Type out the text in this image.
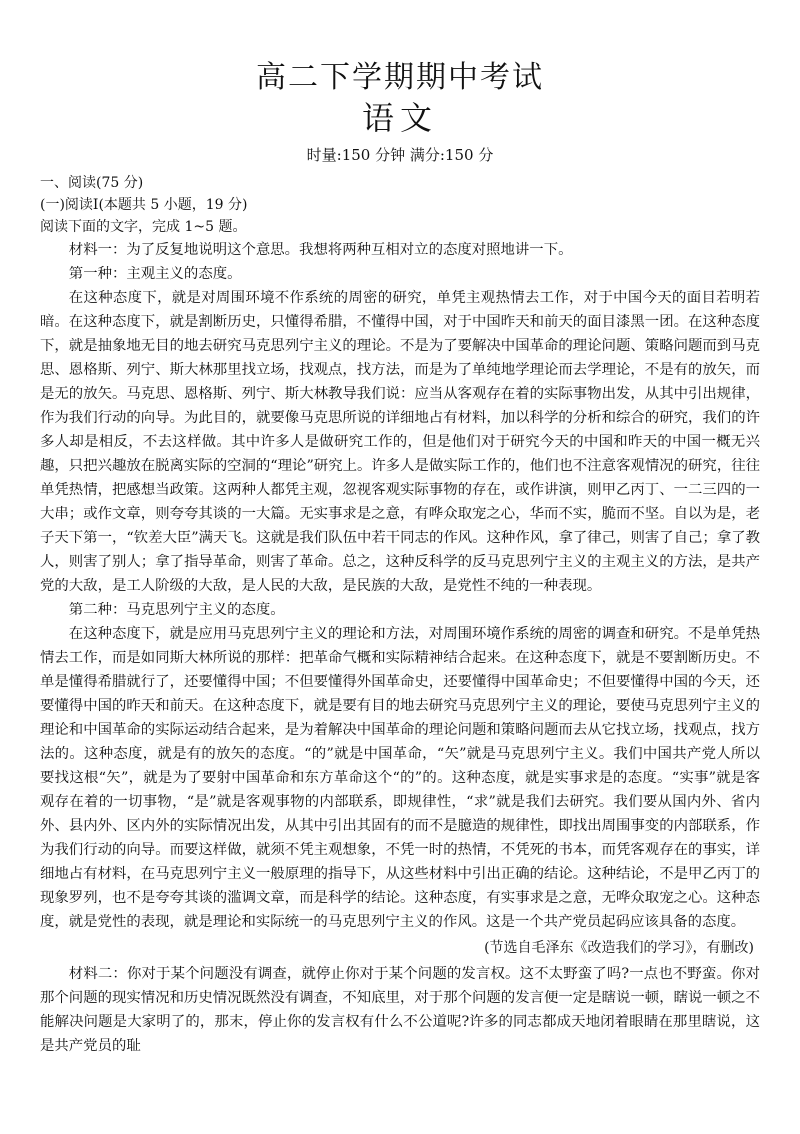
高二下学期期中考试
语文
时量:150 分钟 满分:150 分
一、阅读(75 分)
(一)阅读Ⅰ(本题共 5 小题，19 分)
阅读下面的文字，完成 1~5 题。

材料一：为了反复地说明这个意思。我想将两种互相对立的态度对照地讲一下。

第一种：主观主义的态度。

在这种态度下，就是对周围环境不作系统的周密的研究，单凭主观热情去工作，对于中国今天的面目若明若暗。在这种态度下，就是割断历史，只懂得希腊，不懂得中国，对于中国昨天和前天的面目漆黑一团。在这种态度下，就是抽象地无目的地去研究马克思列宁主义的理论。不是为了要解决中国革命的理论问题、策略问题而到马克思、恩格斯、列宁、斯大林那里找立场，找观点，找方法，而是为了单纯地学理论而去学理论，不是有的放矢，而是无的放矢。马克思、恩格斯、列宁、斯大林教导我们说：应当从客观存在着的实际事物出发，从其中引出规律，作为我们行动的向导。为此目的，就要像马克思所说的详细地占有材料，加以科学的分析和综合的研究，我们的许多人却是相反，不去这样做。其中许多人是做研究工作的，但是他们对于研究今天的中国和昨天的中国一概无兴趣，只把兴趣放在脱离实际的空洞的“理论”研究上。许多人是做实际工作的，他们也不注意客观情况的研究，往往单凭热情，把感想当政策。这两种人都凭主观，忽视客观实际事物的存在，或作讲演，则甲乙丙丁、一二三四的一大串；或作文章，则夸夸其谈的一大篇。无实事求是之意，有哗众取宠之心，华而不实，脆而不坚。自以为是，老子天下第一，“钦差大臣”满天飞。这就是我们队伍中若干同志的作风。这种作风，拿了律己，则害了自己；拿了教人，则害了别人；拿了指导革命，则害了革命。总之，这种反科学的反马克思列宁主义的主观主义的方法，是共产党的大敌，是工人阶级的大敌，是人民的大敌，是民族的大敌，是党性不纯的一种表现。

第二种：马克思列宁主义的态度。

在这种态度下，就是应用马克思列宁主义的理论和方法，对周围环境作系统的周密的调查和研究。不是单凭热情去工作，而是如同斯大林所说的那样：把革命气概和实际精神结合起来。在这种态度下，就是不要割断历史。不单是懂得希腊就行了，还要懂得中国；不但要懂得外国革命史，还要懂得中国革命史；不但要懂得中国的今天，还要懂得中国的昨天和前天。在这种态度下，就是要有目的地去研究马克思列宁主义的理论，要使马克思列宁主义的理论和中国革命的实际运动结合起来，是为着解决中国革命的理论问题和策略问题而去从它找立场，找观点，找方法的。这种态度，就是有的放矢的态度。“的”就是中国革命，“矢”就是马克思列宁主义。我们中国共产党人所以要找这根“矢”，就是为了要射中国革命和东方革命这个“的”的。这种态度，就是实事求是的态度。“实事”就是客观存在着的一切事物，“是”就是客观事物的内部联系，即规律性，“求”就是我们去研究。我们要从国内外、省内外、县内外、区内外的实际情况出发，从其中引出其固有的而不是臆造的规律性，即找出周围事变的内部联系，作为我们行动的向导。而要这样做，就须不凭主观想象，不凭一时的热情，不凭死的书本，而凭客观存在的事实，详细地占有材料，在马克思列宁主义一般原理的指导下，从这些材料中引出正确的结论。这种结论，不是甲乙丙丁的现象罗列，也不是夸夸其谈的滥调文章，而是科学的结论。这种态度，有实事求是之意，无哗众取宠之心。这种态度，就是党性的表现，就是理论和实际统一的马克思列宁主义的作风。这是一个共产党员起码应该具备的态度。

(节选自毛泽东《改造我们的学习》，有删改)

材料二：你对于某个问题没有调查，就停止你对于某个问题的发言权。这不太野蛮了吗?一点也不野蛮。你对那个问题的现实情况和历史情况既然没有调查，不知底里，对于那个问题的发言便一定是瞎说一顿，瞎说一顿之不能解决问题是大家明了的，那末，停止你的发言权有什么不公道呢?许多的同志都成天地闭着眼睛在那里瞎说，这是共产党员的耻
